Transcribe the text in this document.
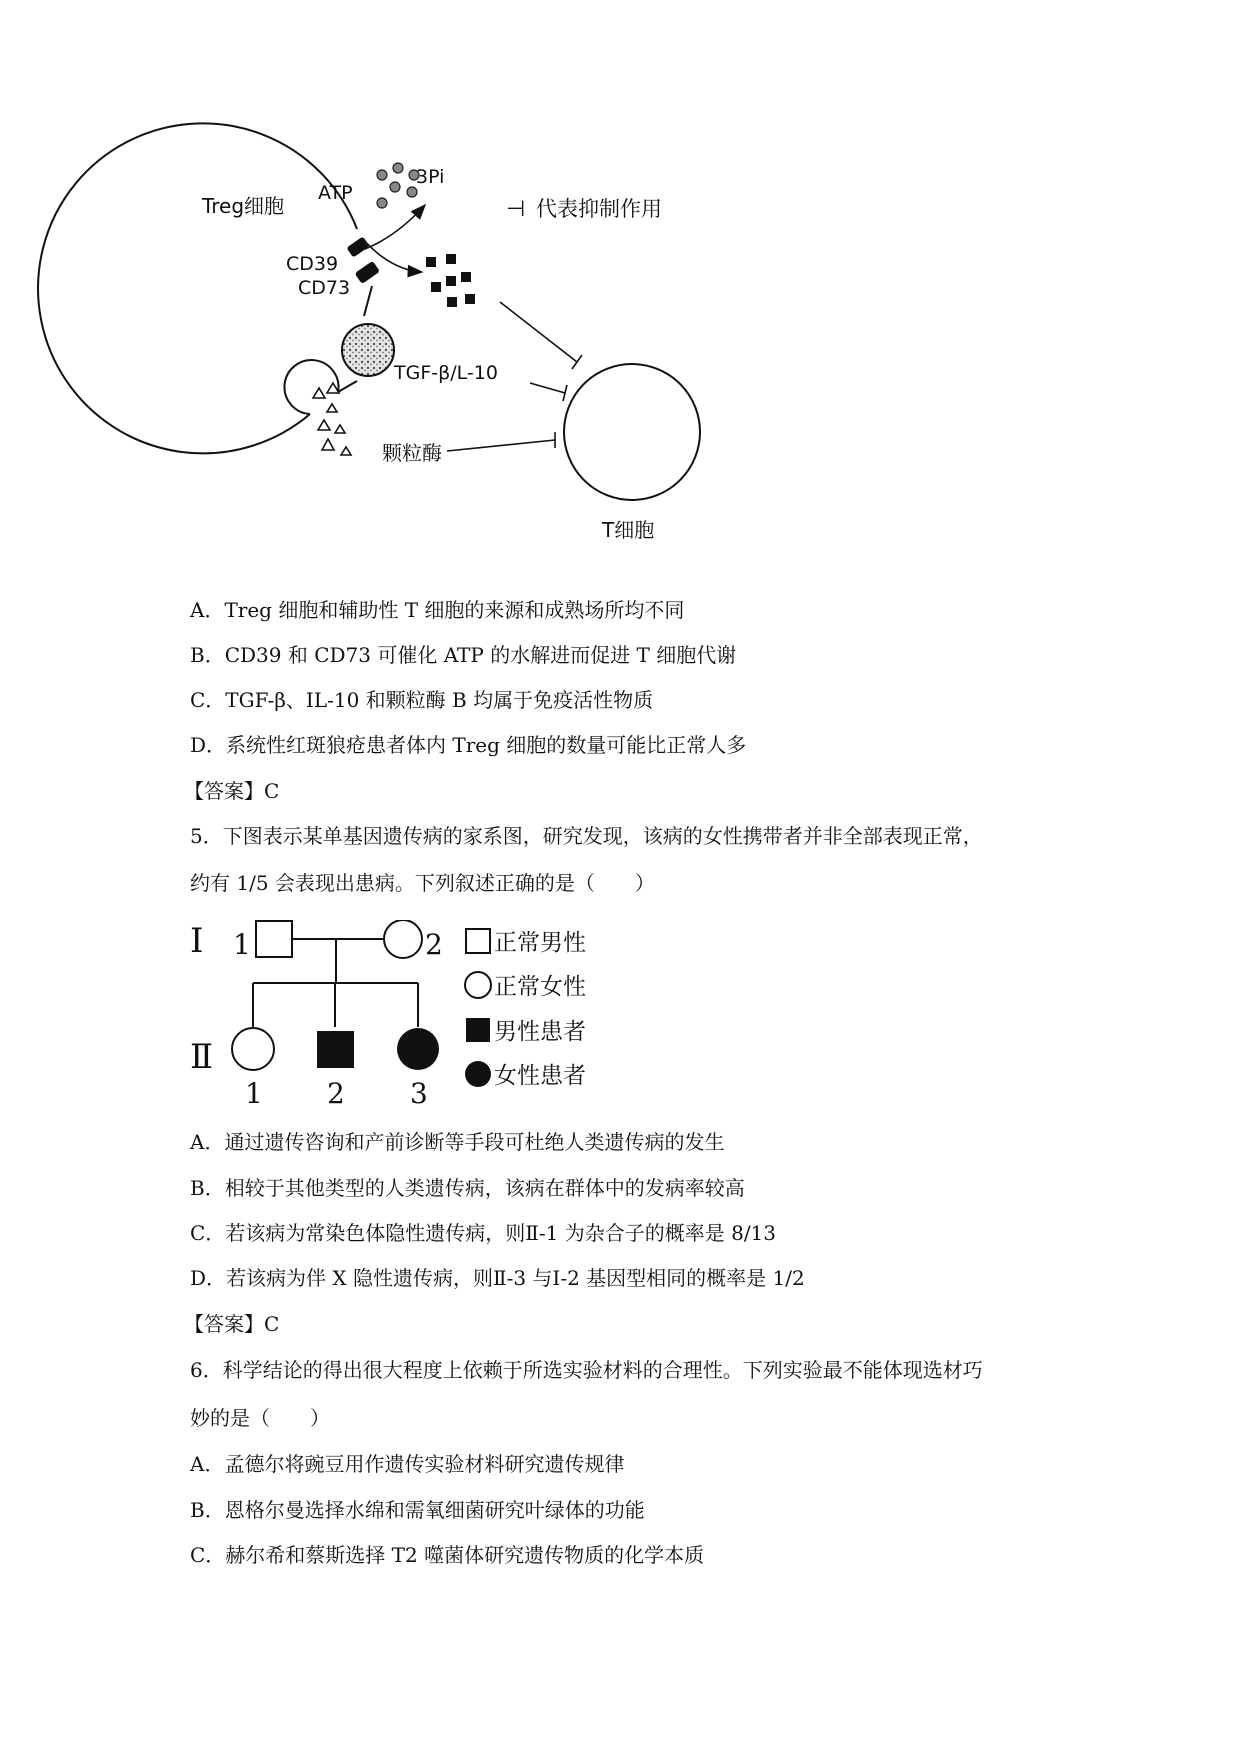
Treg细胞
ATP
3Pi
⊣ 代表抑制作用
CD39
CD73
TGF-β/L-10
颗粒酶
T细胞
A．Treg 细胞和辅助性 T 细胞的来源和成熟场所均不同
B．CD39 和 CD73 可催化 ATP 的水解进而促进 T 细胞代谢
C．TGF-β、IL-10 和颗粒酶 B 均属于免疫活性物质
D．系统性红斑狼疮患者体内 Treg 细胞的数量可能比正常人多
【答案】C
5．下图表示某单基因遗传病的家系图，研究发现，该病的女性携带者并非全部表现正常，
约有 1/5 会表现出患病。下列叙述正确的是（　　）
Ⅰ 1	2
Ⅱ
1 2 3
正常男性
正常女性
男性患者
女性患者
A．通过遗传咨询和产前诊断等手段可杜绝人类遗传病的发生
B．相较于其他类型的人类遗传病，该病在群体中的发病率较高
C．若该病为常染色体隐性遗传病，则Ⅱ-1 为杂合子的概率是 8/13
D．若该病为伴 X 隐性遗传病，则Ⅱ-3 与Ⅰ-2 基因型相同的概率是 1/2
【答案】C
6．科学结论的得出很大程度上依赖于所选实验材料的合理性。下列实验最不能体现选材巧
妙的是（　　）
A．孟德尔将豌豆用作遗传实验材料研究遗传规律
B．恩格尔曼选择水绵和需氧细菌研究叶绿体的功能
C．赫尔希和蔡斯选择 T2 噬菌体研究遗传物质的化学本质
